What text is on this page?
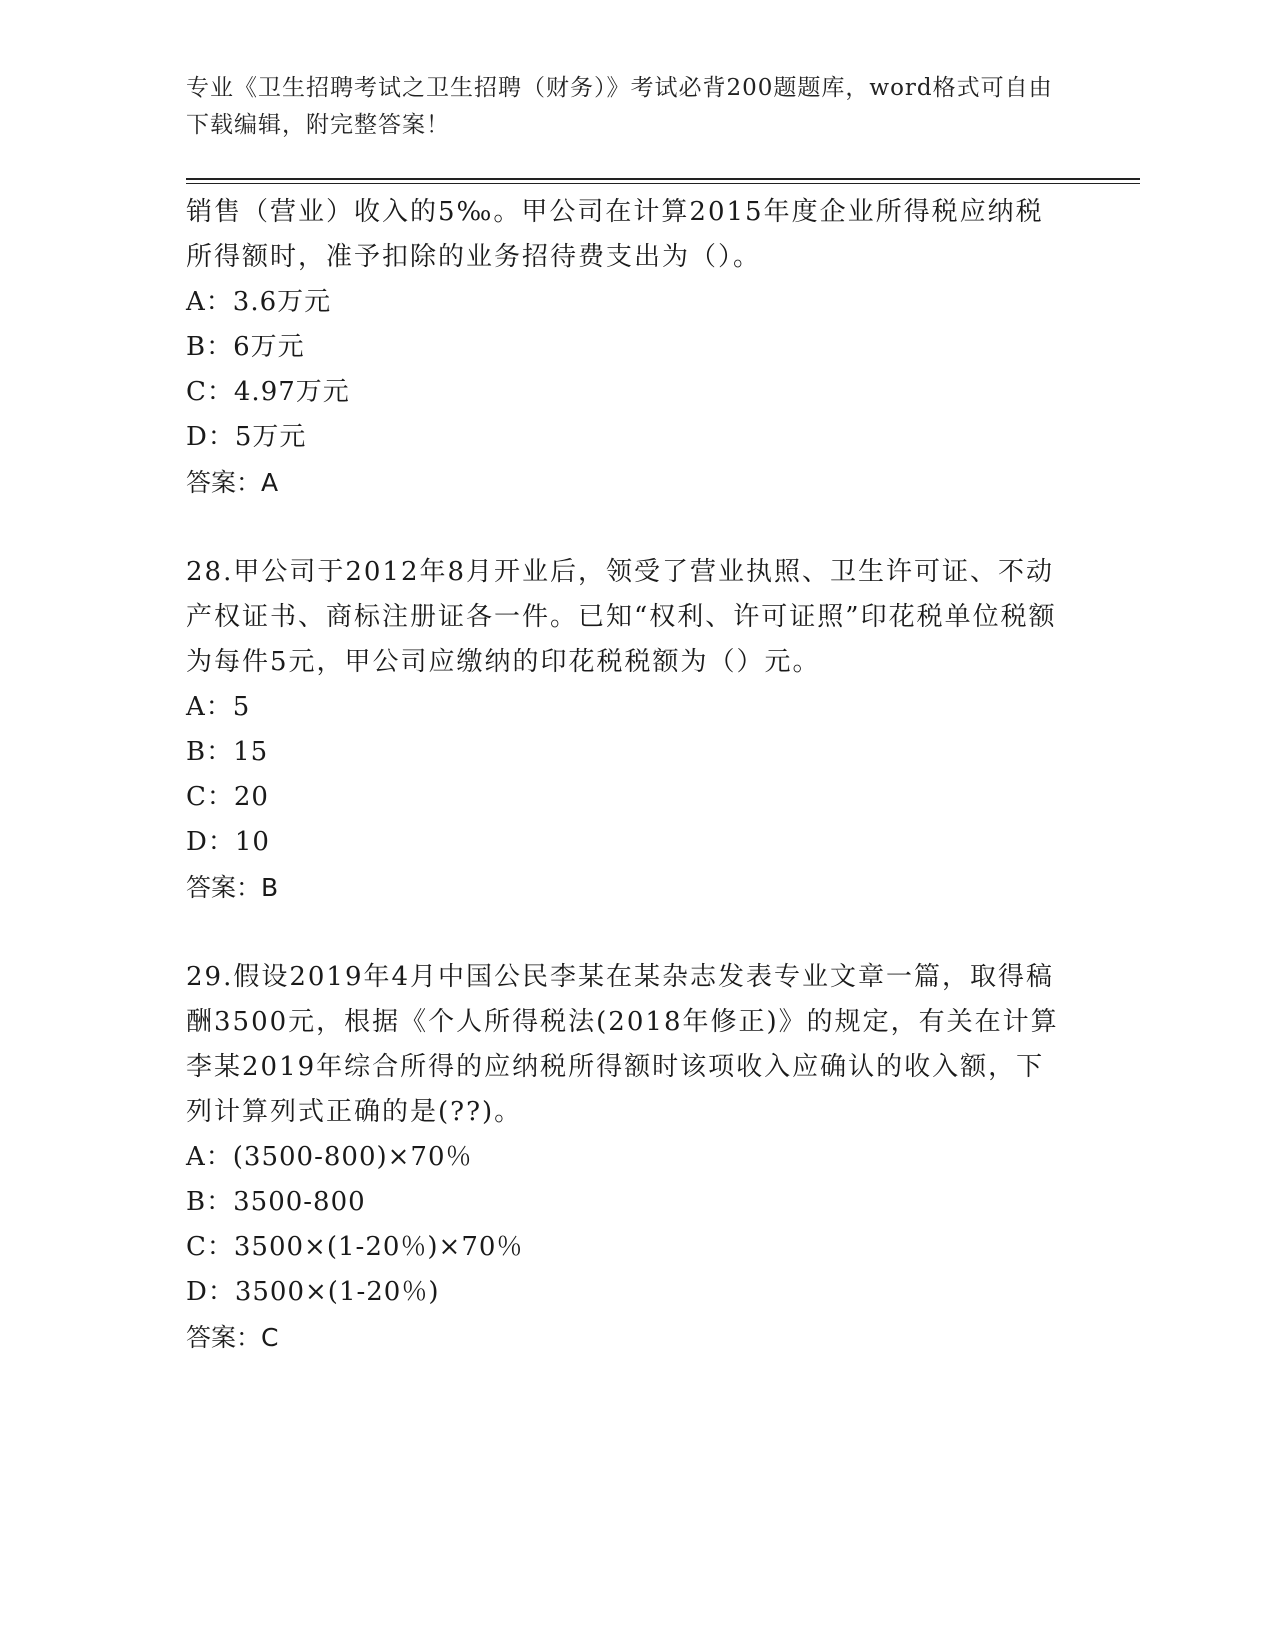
专业《卫生招聘考试之卫生招聘（财务）》考试必背200题题库，word格式可自由下载编辑，附完整答案！

销售（营业）收入的5‰。甲公司在计算2015年度企业所得税应纳税所得额时，准予扣除的业务招待费支出为（）。

A：3.6万元

B：6万元

C：4.97万元

D：5万元

答案：A

28.甲公司于2012年8月开业后，领受了营业执照、卫生许可证、不动产权证书、商标注册证各一件。已知“权利、许可证照”印花税单位税额为每件5元，甲公司应缴纳的印花税税额为（）元。

A：5

B：15

C：20

D：10

答案：B

29.假设2019年4月中国公民李某在某杂志发表专业文章一篇，取得稿酬3500元，根据《个人所得税法(2018年修正)》的规定，有关在计算李某2019年综合所得的应纳税所得额时该项收入应确认的收入额，下列计算列式正确的是(??)。

A：(3500-800)×70％

B：3500-800

C：3500×(1-20％)×70％

D：3500×(1-20％)

答案：C
